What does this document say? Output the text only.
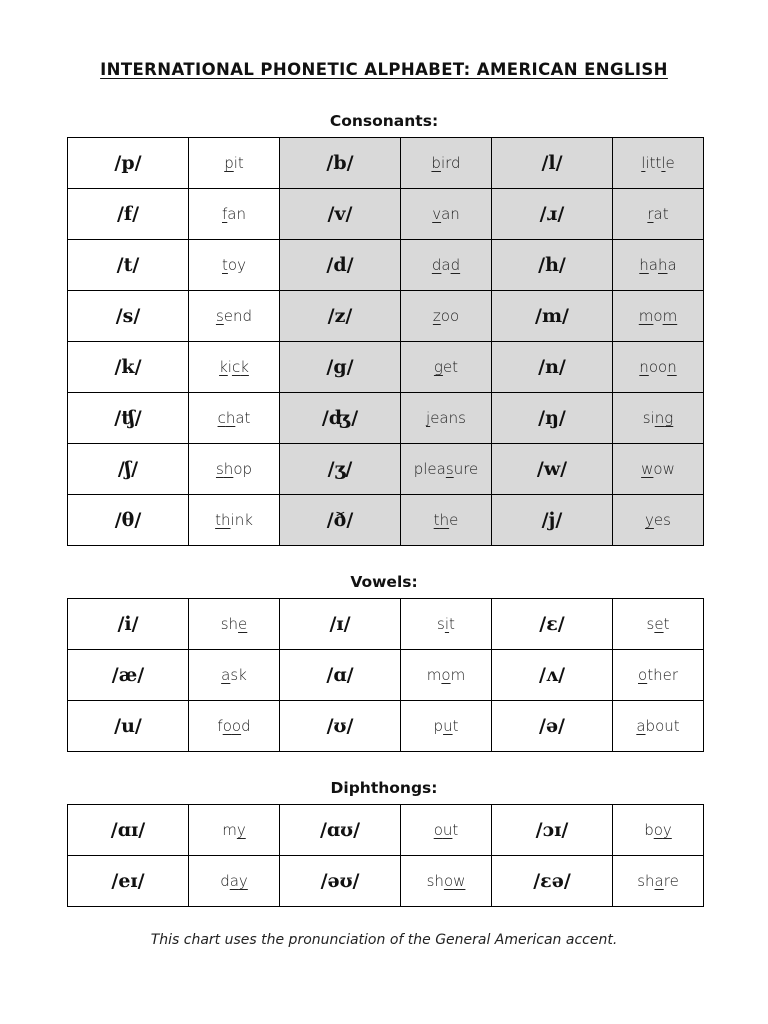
INTERNATIONAL PHONETIC ALPHABET: AMERICAN ENGLISH
Consonants:
/p/	pit	/b/	bird	/l/	little
/f/	fan	/v/	van	/ɹ/	rat
/t/	toy	/d/	dad	/h/	haha
/s/	send	/z/	zoo	/m/	mom
/k/	kick	/g/	get	/n/	noon
/ʧ/	chat	/ʤ/	jeans	/ŋ/	sing
/ʃ/	shop	/ʒ/	pleasure	/w/	wow
/θ/	think	/ð/	the	/j/	yes
Vowels:
/i/	she	/ɪ/	sit	/ɛ/	set
/æ/	ask	/ɑ/	mom	/ʌ/	other
/u/	food	/ʊ/	put	/ə/	about
Diphthongs:
/ɑɪ/	my	/ɑʊ/	out	/ɔɪ/	boy
/eɪ/	day	/əʊ/	show	/ɛə/	share
This chart uses the pronunciation of the General American accent.
